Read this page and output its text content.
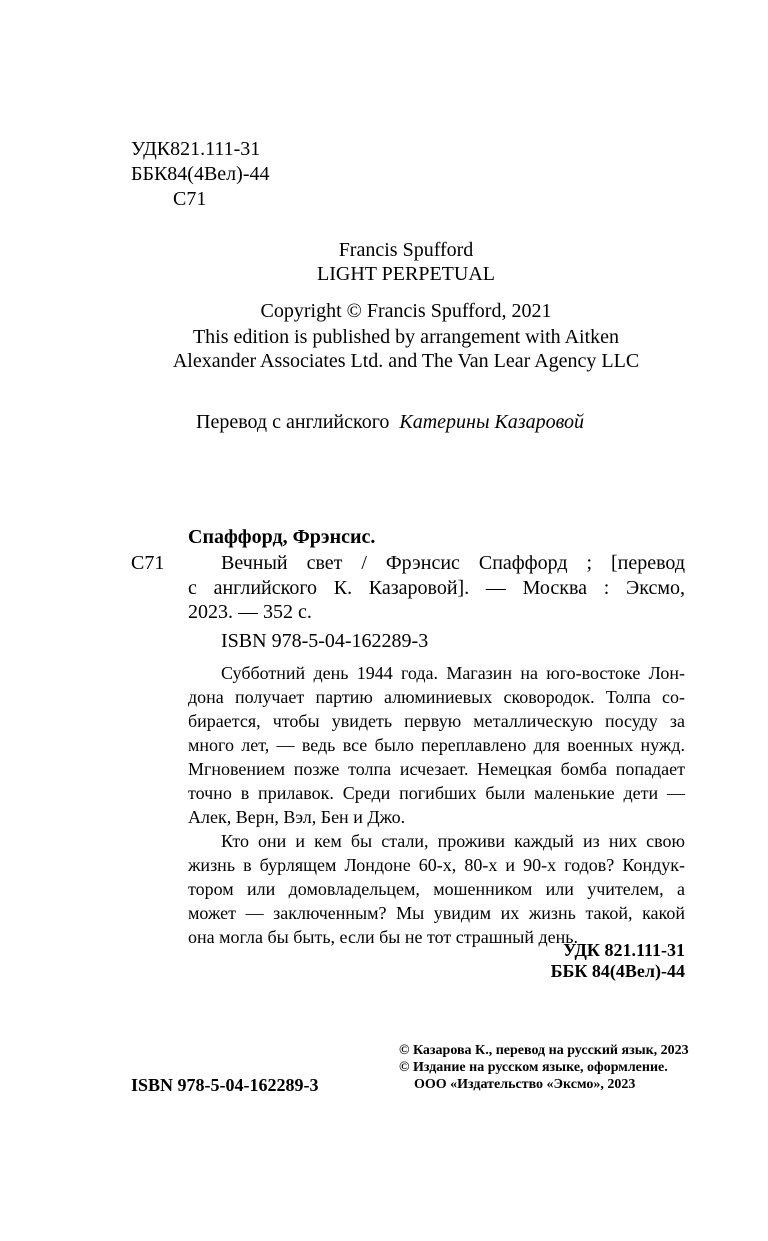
УДК821.111-31

ББК84(4Вел)-44

С71

Francis Spufford
LIGHT PERPETUAL
Copyright © Francis Spufford, 2021
This edition is published by arrangement with Aitken
Alexander Associates Ltd. and The Van Lear Agency LLC
Перевод с английского Катерины Казаровой

Спаффорд, Фрэнсис.

С71	Вечный свет / Фрэнсис Спаффорд ; [перевод
с английского К. Казаровой]. — Москва : Эксмо,

2023. — 352 с.

ISBN 978-5-04-162289-3

Субботний день 1944 года. Магазин на юго-востоке Лон-
дона получает партию алюминиевых сковородок. Толпа со-
бирается, чтобы увидеть первую металлическую посуду за
много лет, — ведь все было переплавлено для военных нужд.
Мгновением позже толпа исчезает. Немецкая бомба попадает
точно в прилавок. Среди погибших были маленькие дети —
Алек, Верн, Вэл, Бен и Джо.
Кто они и кем бы стали, проживи каждый из них свою
жизнь в бурлящем Лондоне 60-х, 80-х и 90-х годов? Кондук-
тором или домовладельцем, мошенником или учителем, а
может — заключенным? Мы увидим их жизнь такой, какой
она могла бы быть, если бы не тот страшный день.
УДК 821.111-31
ББК 84(4Вел)-44

ISBN 978-5-04-162289-3

© Казарова К., перевод на русский язык, 2023

© Издание на русском языке, оформление.

ООО «Издательство «Эксмо», 2023
